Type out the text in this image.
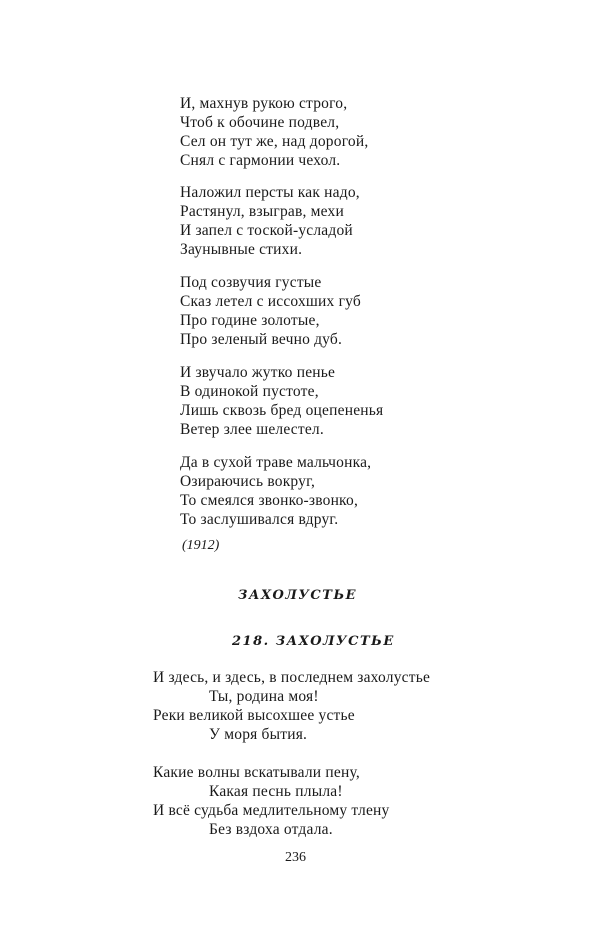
И, махнув рукою строго,
Чтоб к обочине подвел,
Сел он тут же, над дорогой,
Снял с гармонии чехол.
Наложил персты как надо,
Растянул, взыграв, мехи
И запел с тоской-усладой
Заунывные стихи.
Под созвучия густые
Сказ летел с иссохших губ
Про године золотые,
Про зеленый вечно дуб.
И звучало жутко пенье
В одинокой пустоте,
Лишь сквозь бред оцепененья
Ветер злее шелестел.
Да в сухой траве мальчонка,
Озираючись вокруг,
То смеялся звонко-звонко,
То заслушивался вдруг.
(1912)
ЗАХОЛУСТЬЕ
218. ЗАХОЛУСТЬЕ
И здесь, и здесь, в последнем захолустье
Ты, родина моя!
Реки великой высохшее устье
У моря бытия.
Какие волны вскатывали пену,
Какая песнь плыла!
И всё судьба медлительному тлену
Без вздоха отдала.
236
